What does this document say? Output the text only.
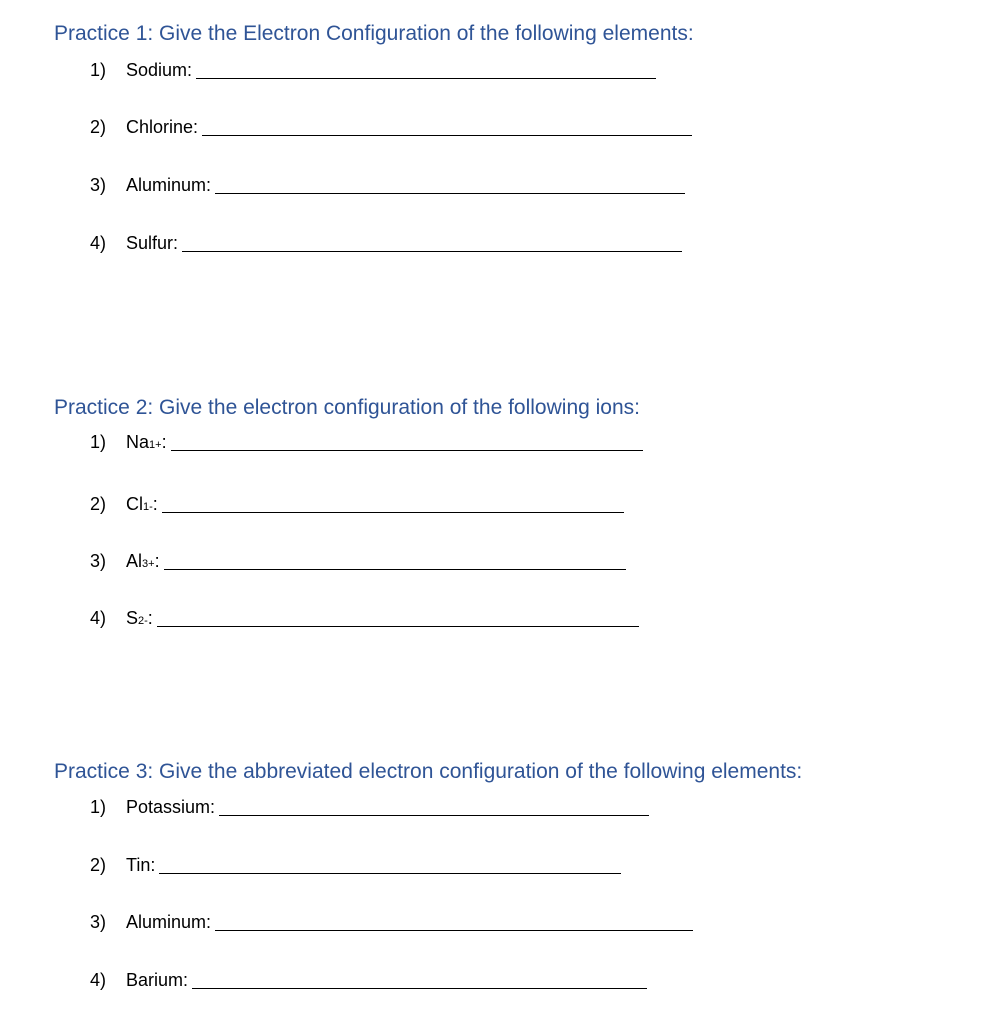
Practice 1: Give the Electron Configuration of the following elements:
1)	Sodium:
2)	Chlorine:
3)	Aluminum:
4)	Sulfur:
Practice 2: Give the electron configuration of the following ions:
1)	Na 1+ :
2)	Cl 1- :
3)	Al 3+ :
4)	S 2- :
Practice 3: Give the abbreviated electron configuration of the following elements:
1)	Potassium:
2)	Tin:
3)	Aluminum:
4)	Barium:
